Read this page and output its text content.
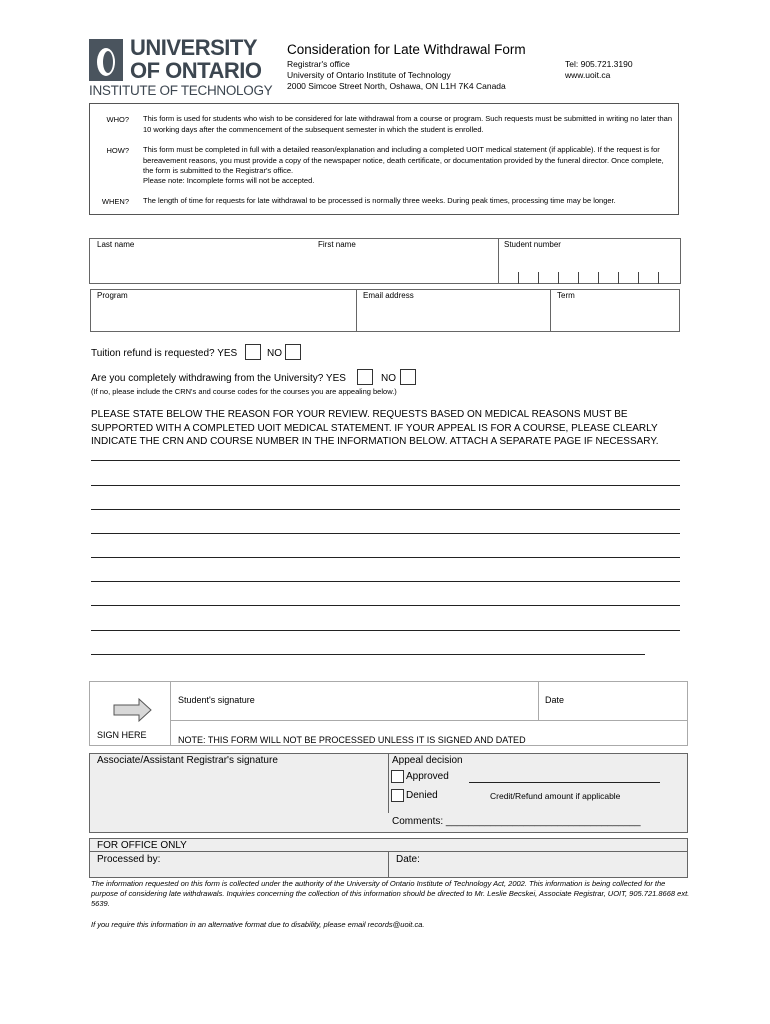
UNIVERSITY
OF ONTARIO
INSTITUTE OF TECHNOLOGY
Consideration for Late Withdrawal Form
Registrar's office
University of Ontario Institute of Technology
2000 Simcoe Street North, Oshawa, ON L1H 7K4 Canada
Tel: 905.721.3190
www.uoit.ca
WHO? This form is used for students who wish to be considered for late withdrawal from a course or program. Such requests must be submitted in writing no later than 10 working days after the commencement of the subsequent semester in which the student is enrolled.
HOW? This form must be completed in full with a detailed reason/explanation and including a completed UOIT medical statement (if applicable). If the request is for bereavement reasons, you must provide a copy of the newspaper notice, death certificate, or documentation provided by the funeral director. Once complete, the form is submitted to the Registrar's office.
Please note: Incomplete forms will not be accepted.
WHEN? The length of time for requests for late withdrawal to be processed is normally three weeks. During peak times, processing time may be longer.
Last name	First name	Student number
Program	Email address	Term
Tuition refund is requested? YES	NO
Are you completely withdrawing from the University? YES	NO
(If no, please include the CRN's and course codes for the courses you are appealing below.)
PLEASE STATE BELOW THE REASON FOR YOUR REVIEW. REQUESTS BASED ON MEDICAL REASONS MUST BE SUPPORTED WITH A COMPLETED UOIT MEDICAL STATEMENT. IF YOUR APPEAL IS FOR A COURSE, PLEASE CLEARLY INDICATE THE CRN AND COURSE NUMBER IN THE INFORMATION BELOW. ATTACH A SEPARATE PAGE IF NECESSARY.
SIGN HERE
Student's signature	Date
NOTE: THIS FORM WILL NOT BE PROCESSED UNLESS IT IS SIGNED AND DATED
Associate/Assistant Registrar's signature	Appeal decision
Approved
Denied	Credit/Refund amount if applicable
Comments: ___________________________________
FOR OFFICE ONLY
Processed by:	Date:
The information requested on this form is collected under the authority of the University of Ontario Institute of Technology Act, 2002. This information is being collected for the purpose of considering late withdrawals. Inquiries concerning the collection of this information should be directed to Mr. Leslie Becskei, Associate Registrar, UOIT, 905.721.8668 ext. 5639.
If you require this information in an alternative format due to disability, please email records@uoit.ca.
